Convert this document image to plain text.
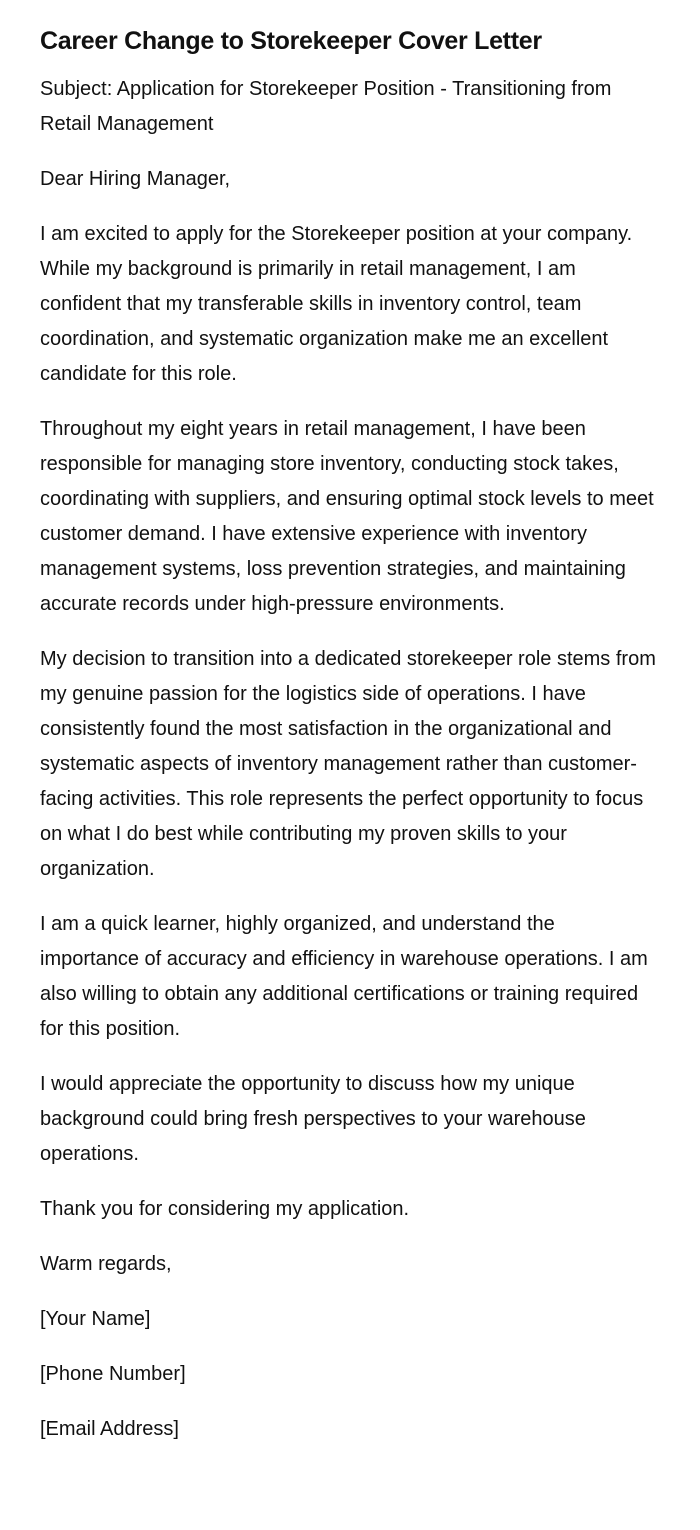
Career Change to Storekeeper Cover Letter

Subject: Application for Storekeeper Position - Transitioning from Retail Management

Dear Hiring Manager,

I am excited to apply for the Storekeeper position at your company. While my background is primarily in retail management, I am confident that my transferable skills in inventory control, team coordination, and systematic organization make me an excellent candidate for this role.

Throughout my eight years in retail management, I have been responsible for managing store inventory, conducting stock takes, coordinating with suppliers, and ensuring optimal stock levels to meet customer demand. I have extensive experience with inventory management systems, loss prevention strategies, and maintaining accurate records under high-pressure environments.

My decision to transition into a dedicated storekeeper role stems from my genuine passion for the logistics side of operations. I have consistently found the most satisfaction in the organizational and systematic aspects of inventory management rather than customer-facing activities. This role represents the perfect opportunity to focus on what I do best while contributing my proven skills to your organization.

I am a quick learner, highly organized, and understand the importance of accuracy and efficiency in warehouse operations. I am also willing to obtain any additional certifications or training required for this position.

I would appreciate the opportunity to discuss how my unique background could bring fresh perspectives to your warehouse operations.

Thank you for considering my application.

Warm regards,

[Your Name]

[Phone Number]

[Email Address]
